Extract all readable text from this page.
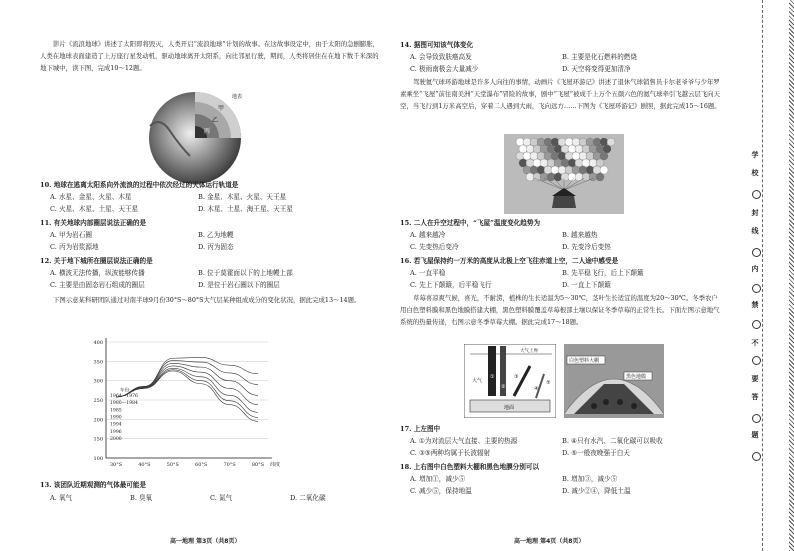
影片《流浪地球》讲述了太阳即将毁灭，人类开启“流浪地球”计划的故事。在这故事设定中，由于太阳的急剧膨胀，人类在地球表面建造了上万座行星发动机，驱动地球离开太阳系，向比邻星行驶，期间，人类将居住在在地下数千米深的地下城中，读下图，完成10～12题。
甲
乙
丙
地表
10. 地球在逃离太阳系向外流浪的过程中依次经过的天体运行轨道是
A. 水星、金星、火星、木星	B. 金星、木星、火星、天王星
C. 火星、木星、土星、天王星	D. 木星、土星、海王星、天王星
11. 有关地球内部圈层说法正确的是
A. 甲为岩石圈	B. 乙为地幔
C. 丙为岩浆源地	D. 丙为固态
12. 关于地下城所在圈层说法正确的是
A. 横波无法传播，纵波能够传播	B. 位于莫霍面以下的上地幔上部
C. 主要是由固态岩石组成的圈层	D. 是位于岩石圈以下的圈层
下图示意某科研团队通过对南半球9月份30°S～80°S大气层某种组成成分的变化状况，据此完成13～14题。
400
350
300
250
200
150
100
30°S	40°S	50°S	60°S	70°S	80°S 纬度
年份
1964—1976
1980—1984
1985
1990
1994
1996
2000
13. 该团队近期观测的气体最可能是
A. 氧气	B. 臭氧	C. 氮气	D. 二氧化碳
高一地理 第3页（共8页）
14. 据图可知该气体变化
A. 会导致致肤癌高发	B. 主要是化石燃料的燃烧
C. 极雨南极会大量减少	D. 天空将变得更加清净
驾驶氦气球环游地球是许多人向往的事情，动画片《飞屋环游记》讲述了退休气球销售员卡尔老爷爷与少年罗素乘坐“飞屋”前往南美洲“天堂瀑布”冒险的故事，剧中“飞屋”被成千上万个五颜六色的氦气球牵引飞越云层飞向天空，当飞行到1万米高空后，穿着二人遇到大雨，飞向远方……下图为《飞屋环游记》剧照，据此完成15～16题。
15. 二人在升空过程中，“飞屋”温度变化趋势为
A. 越来越冷	B. 越来越热
C. 先变热后变冷	D. 先变冷后变热
16. 若飞屋保持约一万米的高度从北极上空飞往赤道上空，二人途中感受是
A. 一直平稳	B. 先平稳飞行，后上下颠簸
C. 先上下颠簸，后平稳飞行	D. 一直上下颠簸
草莓喜凉爽气候，喜光，不耐涝，植株的生长适温为5～30℃，茎叶生长适宜的温度为20～30℃。冬季农户用白色塑料膜和黑色地膜搭建大棚，黑色塑料膜覆盖草莓根部土壤以保证冬季草莓的正常生长。下面左图示意地气系统的热量传递，右图示意冬季草莓大棚。据此完成17～18题。
大气
地面
大气上界
①
②
③
④
⑤
白色塑料大棚
黑色地膜
17. 上左图中
A. ①为对流层大气直接、主要的热源	B. ④只有水汽、二氧化碳可以吸收
C. ③⑤两种均属于长波辐射	D. ⑤一般夜晚强于白天
18. 上右图中白色塑料大棚和黑色地膜分别可以
A. 增加①，减少⑤	B. 增加③，减少⑤
C. 减少⑤，保持地温	D. 减少②④，降低土温
高一地理 第4页（共8页）
学
校
封
线
内
禁
不
要
答
题
